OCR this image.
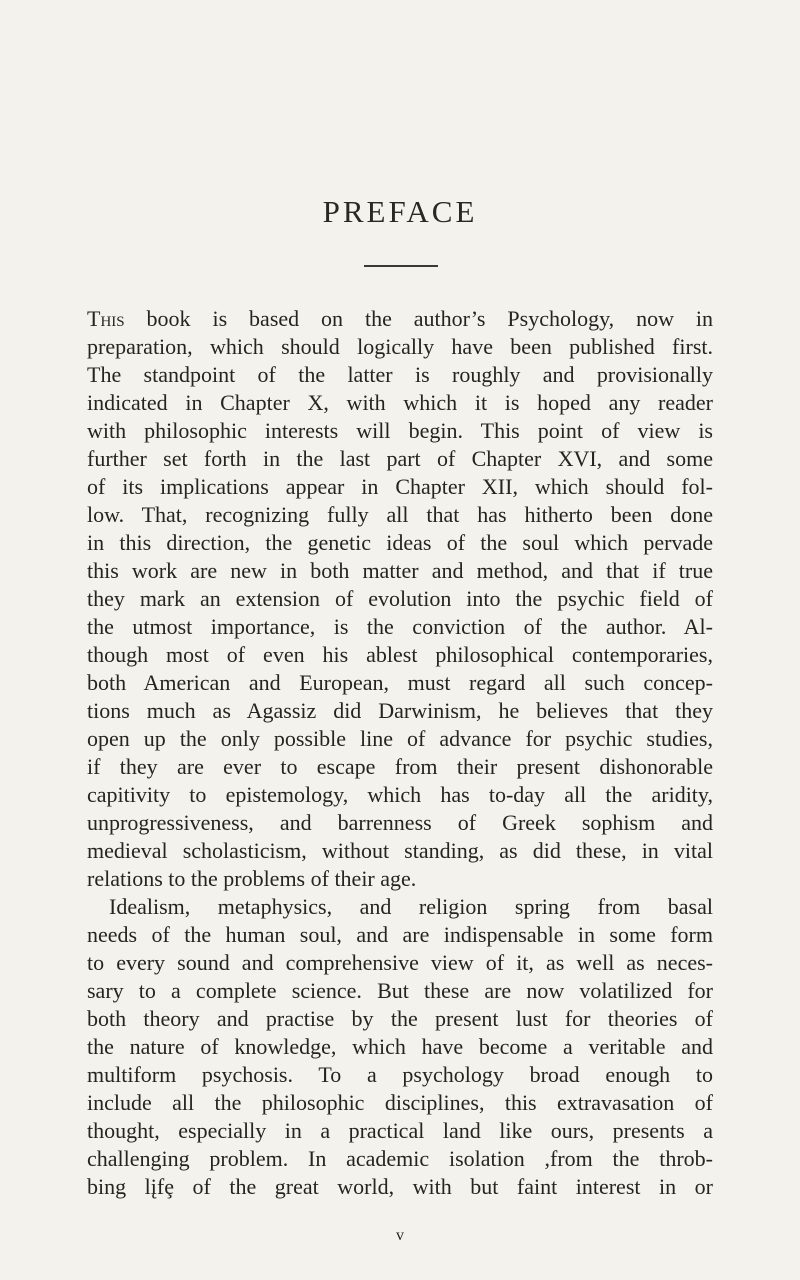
PREFACE
This book is based on the author’s Psychology, now in
preparation, which should logically have been published first.
The standpoint of the latter is roughly and provisionally
indicated in Chapter X, with which it is hoped any reader
with philosophic interests will begin. This point of view is
further set forth in the last part of Chapter XVI, and some
of its implications appear in Chapter XII, which should fol-
low. That, recognizing fully all that has hitherto been done
in this direction, the genetic ideas of the soul which pervade
this work are new in both matter and method, and that if true
they mark an extension of evolution into the psychic field of
the utmost importance, is the conviction of the author. Al-
though most of even his ablest philosophical contemporaries,
both American and European, must regard all such concep-
tions much as Agassiz did Darwinism, he believes that they
open up the only possible line of advance for psychic studies,
if they are ever to escape from their present dishonorable
capitivity to epistemology, which has to-day all the aridity,
unprogressiveness, and barrenness of Greek sophism and
medieval scholasticism, without standing, as did these, in vital
relations to the problems of their age.
Idealism, metaphysics, and religion spring from basal
needs of the human soul, and are indispensable in some form
to every sound and comprehensive view of it, as well as neces-
sary to a complete science. But these are now volatilized for
both theory and practise by the present lust for theories of
the nature of knowledge, which have become a veritable and
multiform psychosis. To a psychology broad enough to
include all the philosophic disciplines, this extravasation of
thought, especially in a practical land like ours, presents a
challenging problem. In academic isolation ,from the throb-
bing lįfȩ of the great world, with but faint interest in or
v
